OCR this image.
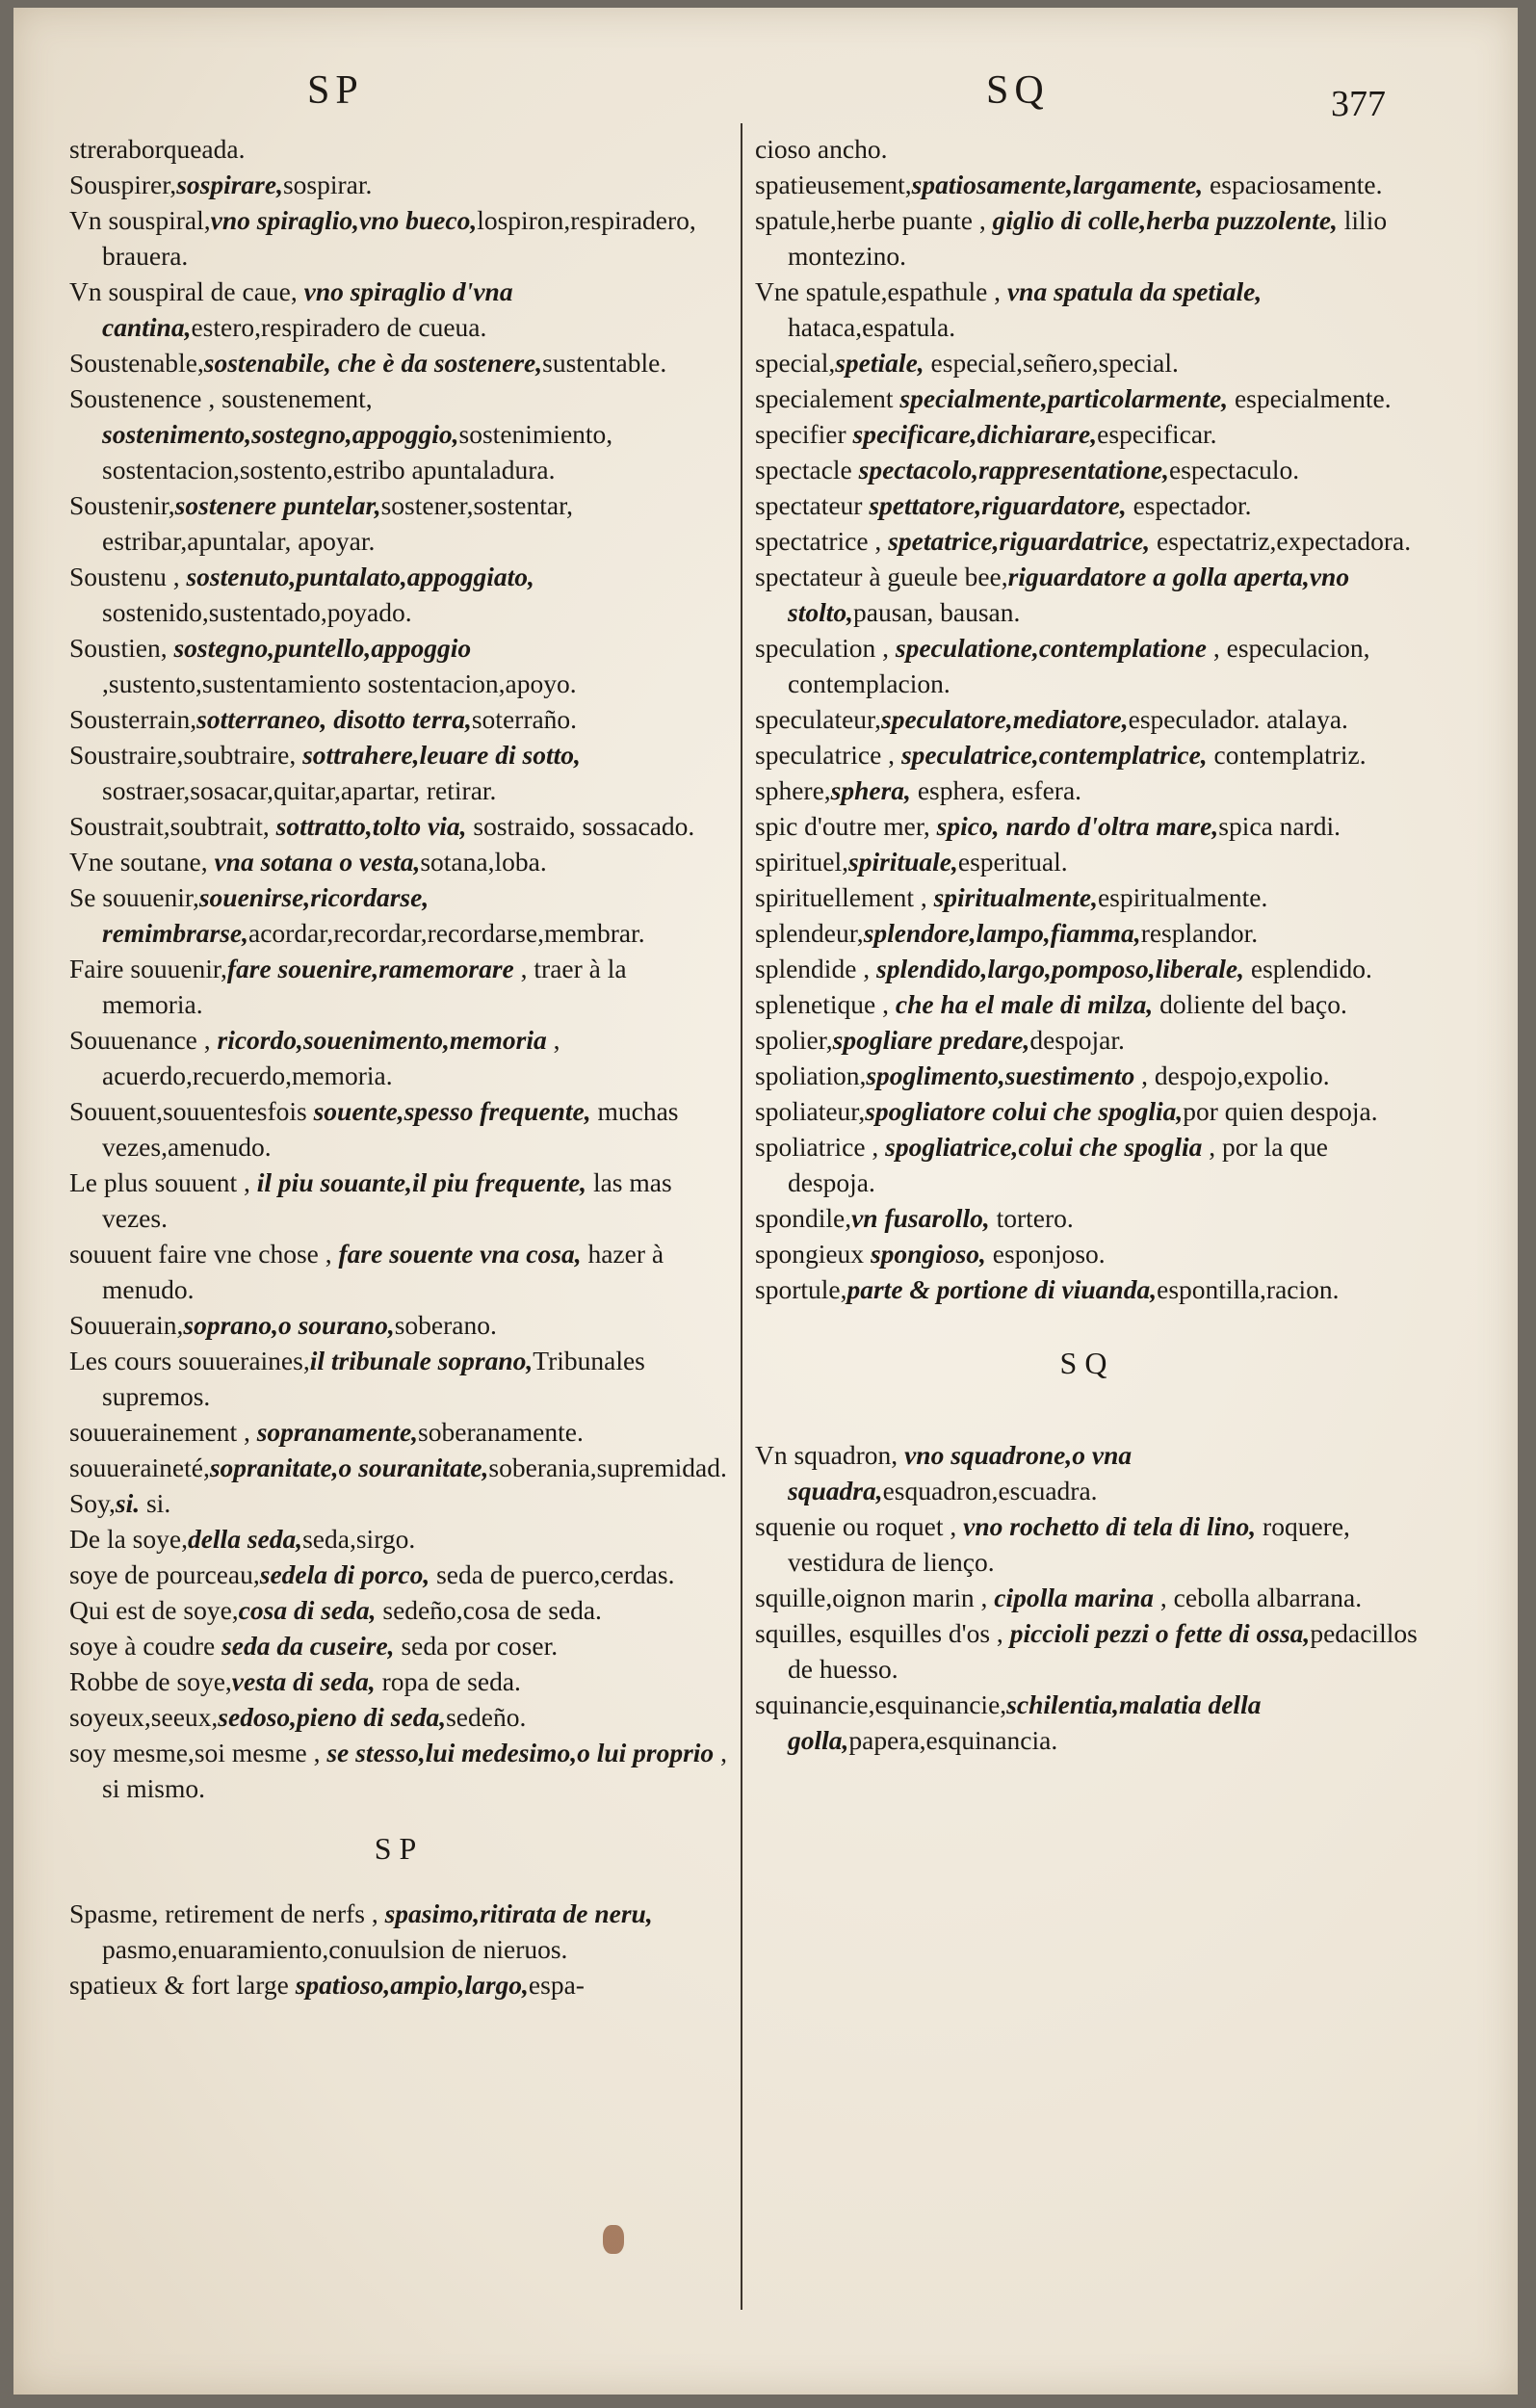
SP	SQ	377
streraborqueada.
Souspirer,sospirare,sospirar.
Vn souspiral,vno spiraglio,vno bueco,lospiron,respiradero, brauera.
Vn souspiral de caue, vno spiraglio d'vna cantina,estero,respiradero de cueua.
Soustenable,sostenabile, che è da sostenere,sustentable.
Soustenence , soustenement, sostenimento,sostegno,appoggio,sostenimiento, sostentacion,sostento,estribo apuntaladura.
Soustenir,sostenere puntelar,sostener,sostentar, estribar,apuntalar, apoyar.
Soustenu , sostenuto,puntalato,appoggiato, sostenido,sustentado,poyado.
Soustien, sostegno,puntello,appoggio ,sustento,sustentamiento sostentacion,apoyo.
Sousterrain,sotterraneo, disotto terra,soterraño.
Soustraire,soubtraire, sottrahere,leuare di sotto, sostraer,sosacar,quitar,apartar, retirar.
Soustrait,soubtrait, sottratto,tolto via, sostraido, sossacado.
Vne soutane, vna sotana o vesta,sotana,loba.
Se souuenir,souenirse,ricordarse, remimbrarse,acordar,recordar,recordarse,membrar.
Faire souuenir,fare souenire,ramemorare , traer à la memoria.
Souuenance , ricordo,souenimento,memoria , acuerdo,recuerdo,memoria.
Souuent,souuentesfois souente,spesso frequente, muchas vezes,amenudo.
Le plus souuent , il piu souante,il piu frequente, las mas vezes.
souuent faire vne chose , fare souente vna cosa, hazer à menudo.
Souuerain,soprano,o sourano,soberano.
Les cours souueraines,il tribunale soprano,Tribunales supremos.
souuerainement , sopranamente,soberanamente.
souueraineté,sopranitate,o souranitate,soberania,supremidad.
Soy,si. si.
De la soye,della seda,seda,sirgo.
soye de pourceau,sedela di porco, seda de puerco,cerdas.
Qui est de soye,cosa di seda, sedeño,cosa de seda.
soye à coudre seda da cuseire, seda por coser.
Robbe de soye,vesta di seda, ropa de seda.
soyeux,seeux,sedoso,pieno di seda,sedeño.
soy mesme,soi mesme , se stesso,lui medesimo,o lui proprio , si mismo.
SP
Spasme, retirement de nerfs , spasimo,ritirata de neru, pasmo,enuaramiento,conuulsion de nieruos.
spatieux & fort large spatioso,ampio,largo,espa-
cioso ancho.
spatieusement,spatiosamente,largamente, espaciosamente.
spatule,herbe puante , giglio di colle,herba puzzolente, lilio montezino.
Vne spatule,espathule , vna spatula da spetiale, hataca,espatula.
special,spetiale, especial,señero,special.
specialement specialmente,particolarmente, especialmente.
specifier specificare,dichiarare,especificar.
spectacle spectacolo,rappresentatione,espectaculo.
spectateur spettatore,riguardatore, espectador.
spectatrice , spetatrice,riguardatrice, espectatriz,expectadora.
spectateur à gueule bee,riguardatore a golla aperta,vno stolto,pausan, bausan.
speculation , speculatione,contemplatione , especulacion, contemplacion.
speculateur,speculatore,mediatore,especulador. atalaya.
speculatrice , speculatrice,contemplatrice, contemplatriz.
sphere,sphera, esphera, esfera.
spic d'outre mer, spico, nardo d'oltra mare,spica nardi.
spirituel,spirituale,esperitual.
spirituellement , spiritualmente,espiritualmente.
splendeur,splendore,lampo,fiamma,resplandor.
splendide , splendido,largo,pomposo,liberale, esplendido.
splenetique , che ha el male di milza, doliente del baço.
spolier,spogliare predare,despojar.
spoliation,spoglimento,suestimento , despojo,expolio.
spoliateur,spogliatore colui che spoglia,por quien despoja.
spoliatrice , spogliatrice,colui che spoglia , por la que despoja.
spondile,vn fusarollo, tortero.
spongieux spongioso, esponjoso.
sportule,parte & portione di viuanda,espontilla,racion.
SQ
Vn squadron, vno squadrone,o vna squadra,esquadron,escuadra.
squenie ou roquet , vno rochetto di tela di lino, roquere, vestidura de lienço.
squille,oignon marin , cipolla marina , cebolla albarrana.
squilles, esquilles d'os , piccioli pezzi o fette di ossa,pedacillos de huesso.
squinancie,esquinancie,schilentia,malatia della golla,papera,esquinancia.
